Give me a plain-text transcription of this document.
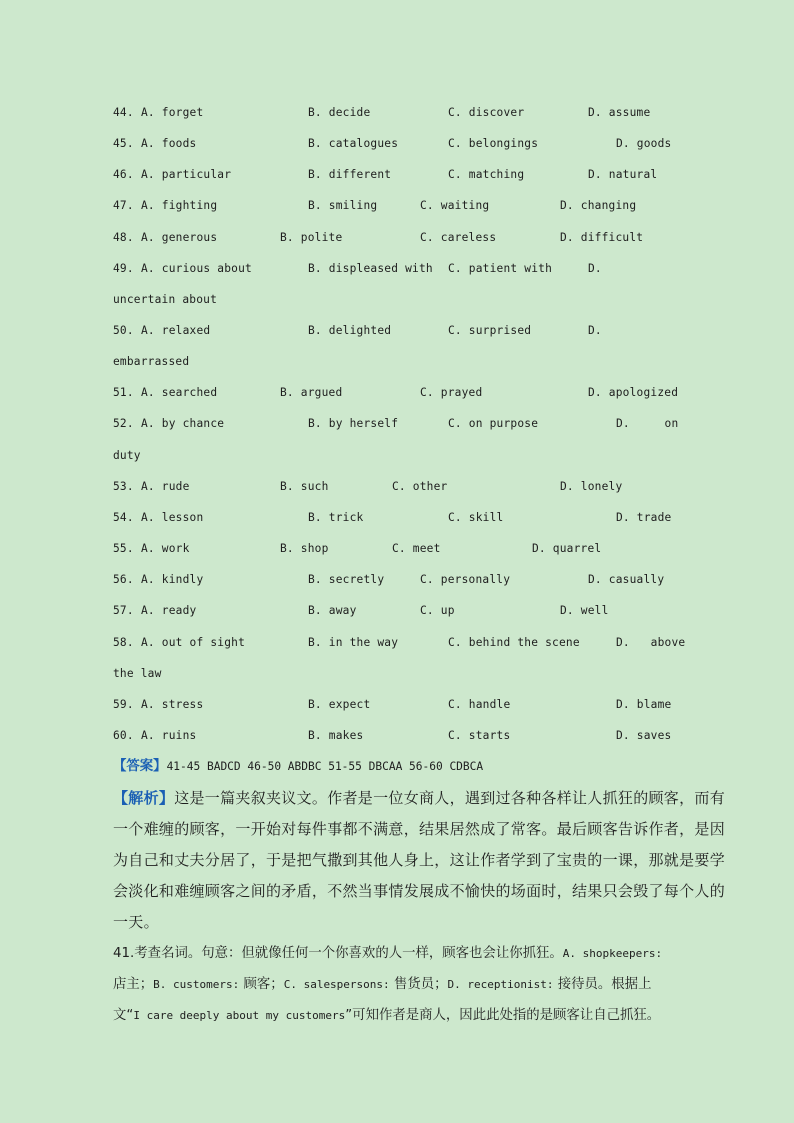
44. A. forget	B. decide	C. discover	D. assume
45. A. foods	B. catalogues	C. belongings	D. goods
46. A. particular	B. different	C. matching	D. natural
47. A. fighting	B. smiling	C. waiting	D. changing
48. A. generous	B. polite	C. careless	D. difficult
49. A. curious about	B. displeased with C. patient with	D.
uncertain about
50. A. relaxed	B. delighted	C. surprised	D.
embarrassed
51. A. searched	B. argued	C. prayed	D. apologized
52. A. by chance	B. by herself	C. on purpose	D.     on
duty
53. A. rude	B. such	C. other	D. lonely
54. A. lesson	B. trick	C. skill	D. trade
55. A. work	B. shop	C. meet	D. quarrel
56. A. kindly	B. secretly	C. personally	D. casually
57. A. ready	B. away	C. up	D. well
58. A. out of sight	B. in the way	C. behind the scene	D.   above
the law
59. A. stress	B. expect	C. handle	D. blame
60. A. ruins	B. makes	C. starts	D. saves
【答案】41-45 BADCD 46-50 ABDBC 51-55 DBCAA 56-60 CDBCA
【解析】这是一篇夹叙夹议文。作者是一位女商人，遇到过各种各样让人抓狂的顾客，而有
一个难缠的顾客，一开始对每件事都不满意，结果居然成了常客。最后顾客告诉作者，是因
为自己和丈夫分居了，于是把气撒到其他人身上，这让作者学到了宝贵的一课，那就是要学
会淡化和难缠顾客之间的矛盾，不然当事情发展成不愉快的场面时，结果只会毁了每个人的
一天。
41.考查名词。句意：但就像任何一个你喜欢的人一样，顾客也会让你抓狂。A. shopkeepers:
店主；B. customers: 顾客；C. salespersons: 售货员；D. receptionist: 接待员。根据上
文“I care deeply about my customers”可知作者是商人，因此此处指的是顾客让自己抓狂。
